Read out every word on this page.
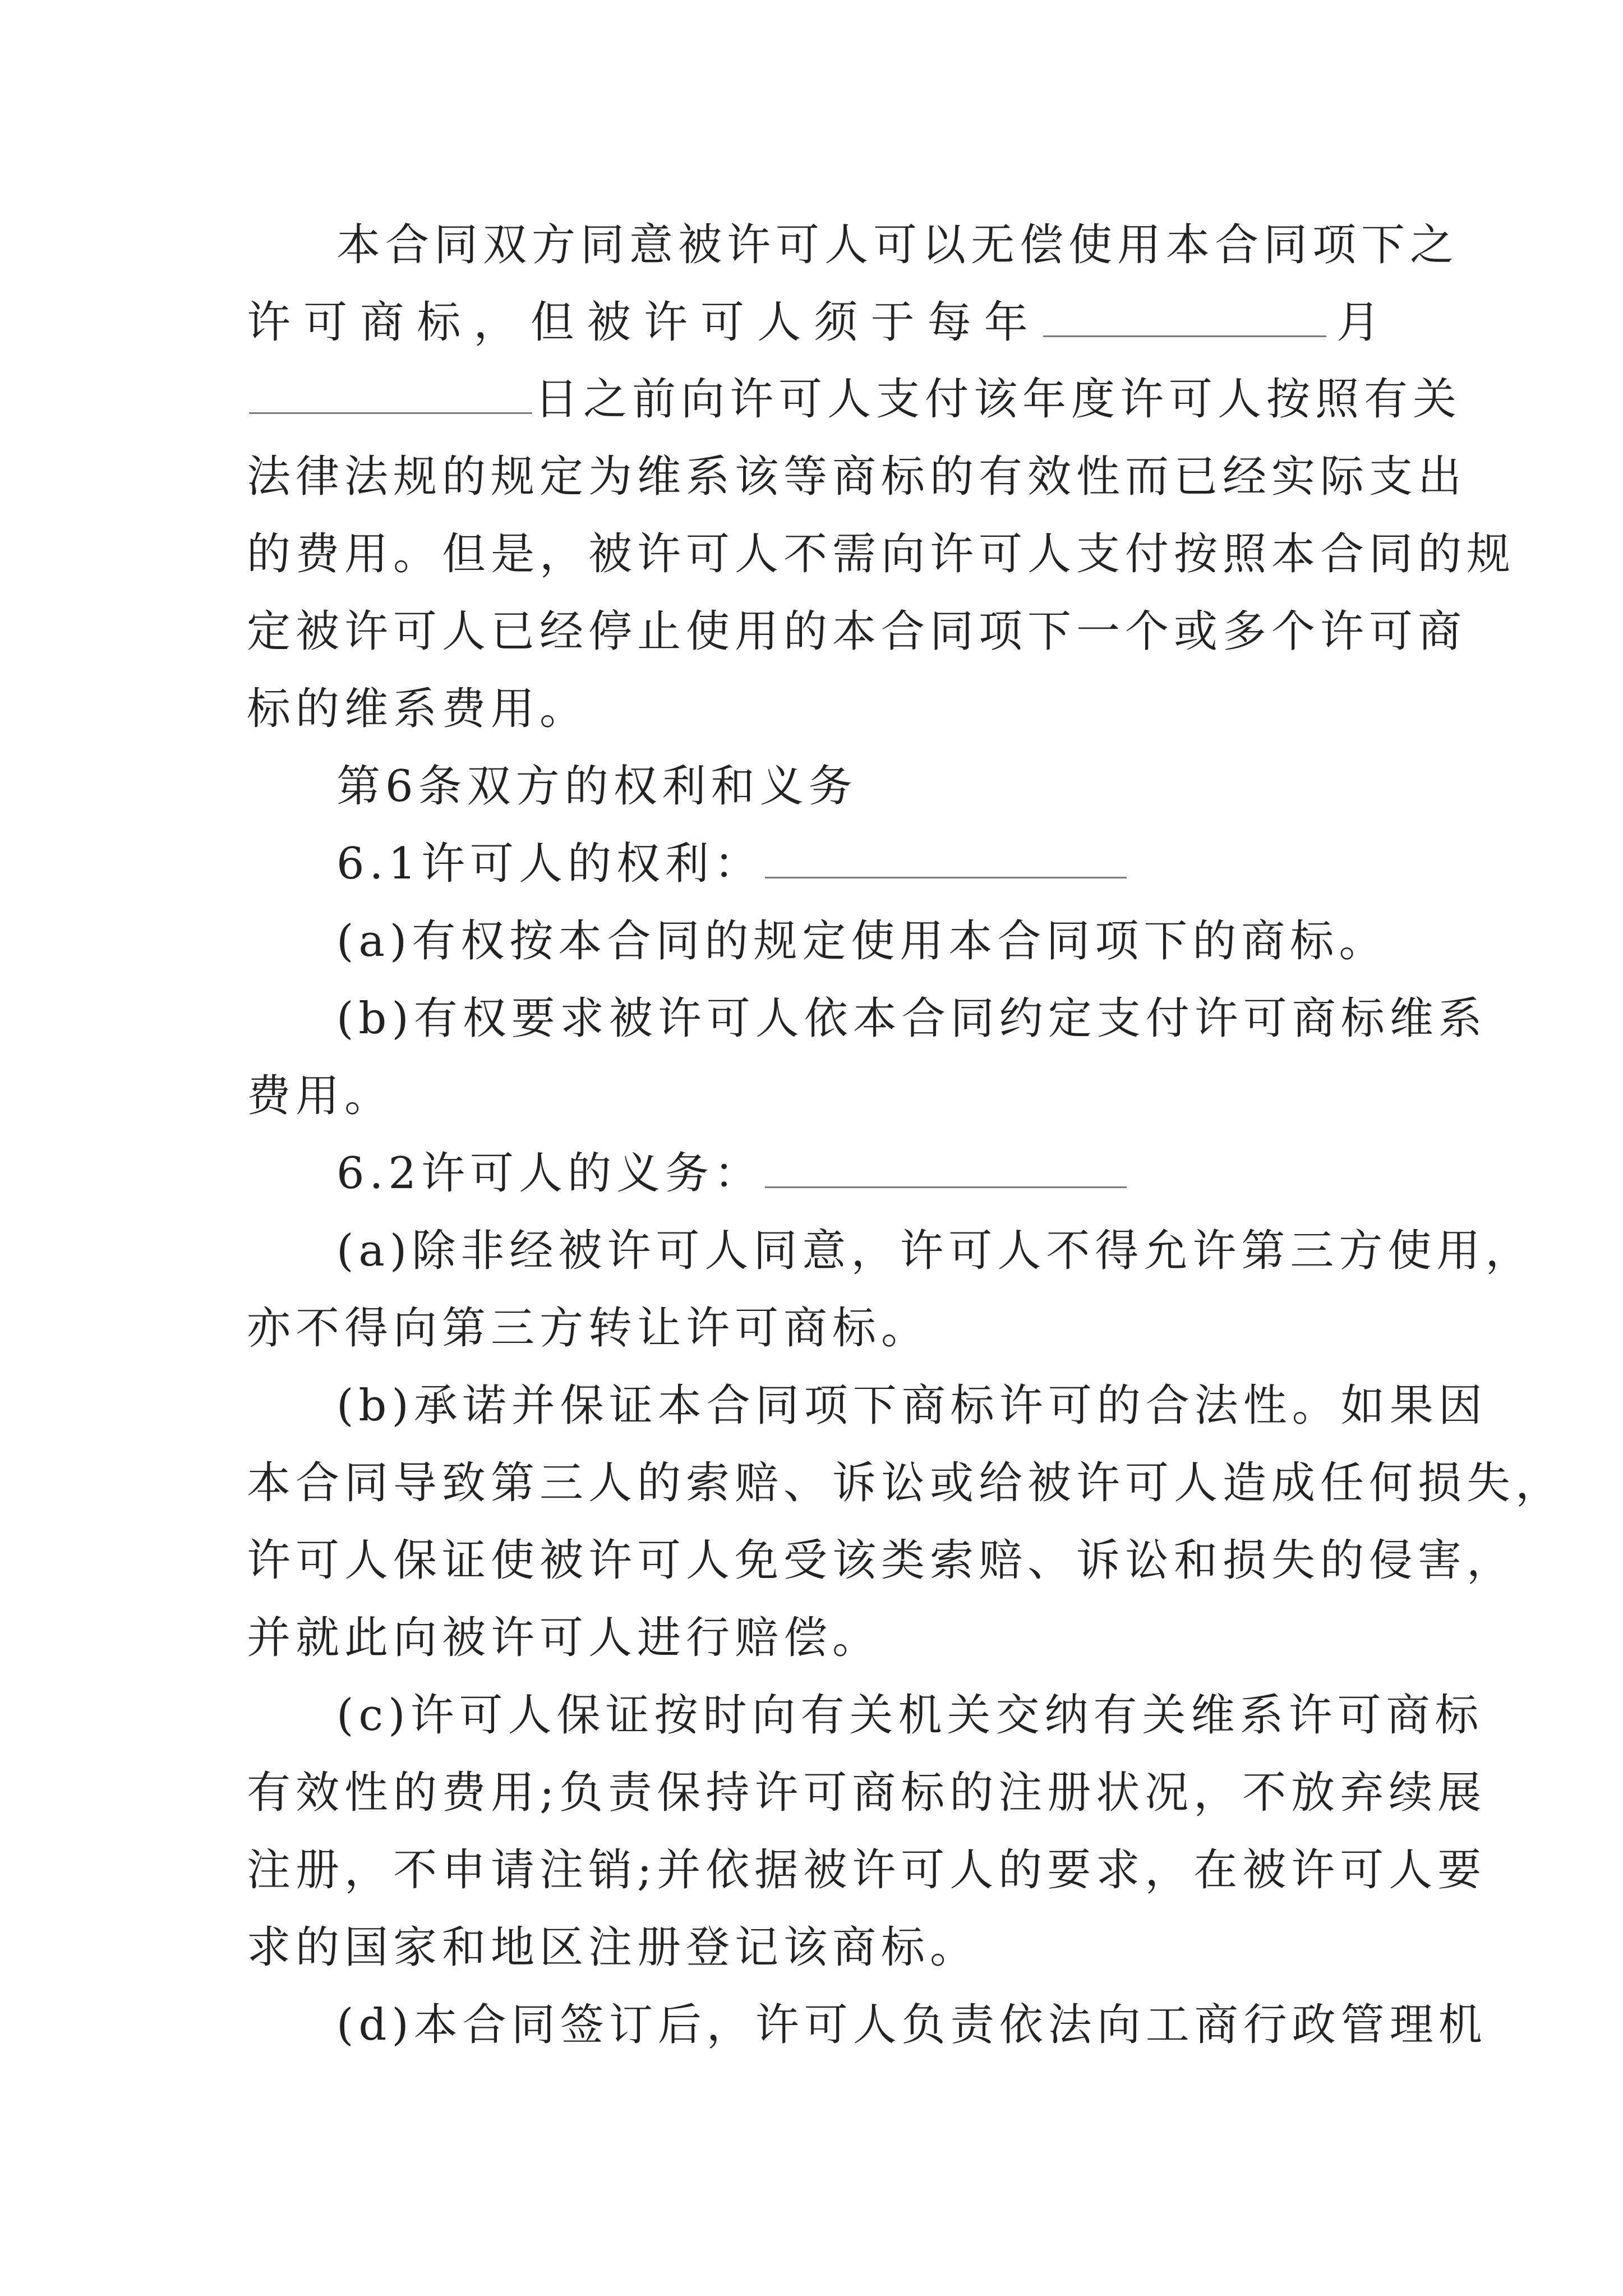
本合同双方同意被许可人可以无偿使用本合同项下之
许可商标，但被许可人须于每年	月
日之前向许可人支付该年度许可人按照有关
法律法规的规定为维系该等商标的有效性而已经实际支出
的费用。但是，被许可人不需向许可人支付按照本合同的规
定被许可人已经停止使用的本合同项下一个或多个许可商
标的维系费用。
第6条双方的权利和义务
6.1许可人的权利：
(a)有权按本合同的规定使用本合同项下的商标。
(b)有权要求被许可人依本合同约定支付许可商标维系
费用。
6.2许可人的义务：
(a)除非经被许可人同意，许可人不得允许第三方使用，
亦不得向第三方转让许可商标。
(b)承诺并保证本合同项下商标许可的合法性。如果因
本合同导致第三人的索赔、诉讼或给被许可人造成任何损失，
许可人保证使被许可人免受该类索赔、诉讼和损失的侵害，
并就此向被许可人进行赔偿。
(c)许可人保证按时向有关机关交纳有关维系许可商标
有效性的费用;负责保持许可商标的注册状况，不放弃续展
注册，不申请注销;并依据被许可人的要求，在被许可人要
求的国家和地区注册登记该商标。
(d)本合同签订后，许可人负责依法向工商行政管理机
